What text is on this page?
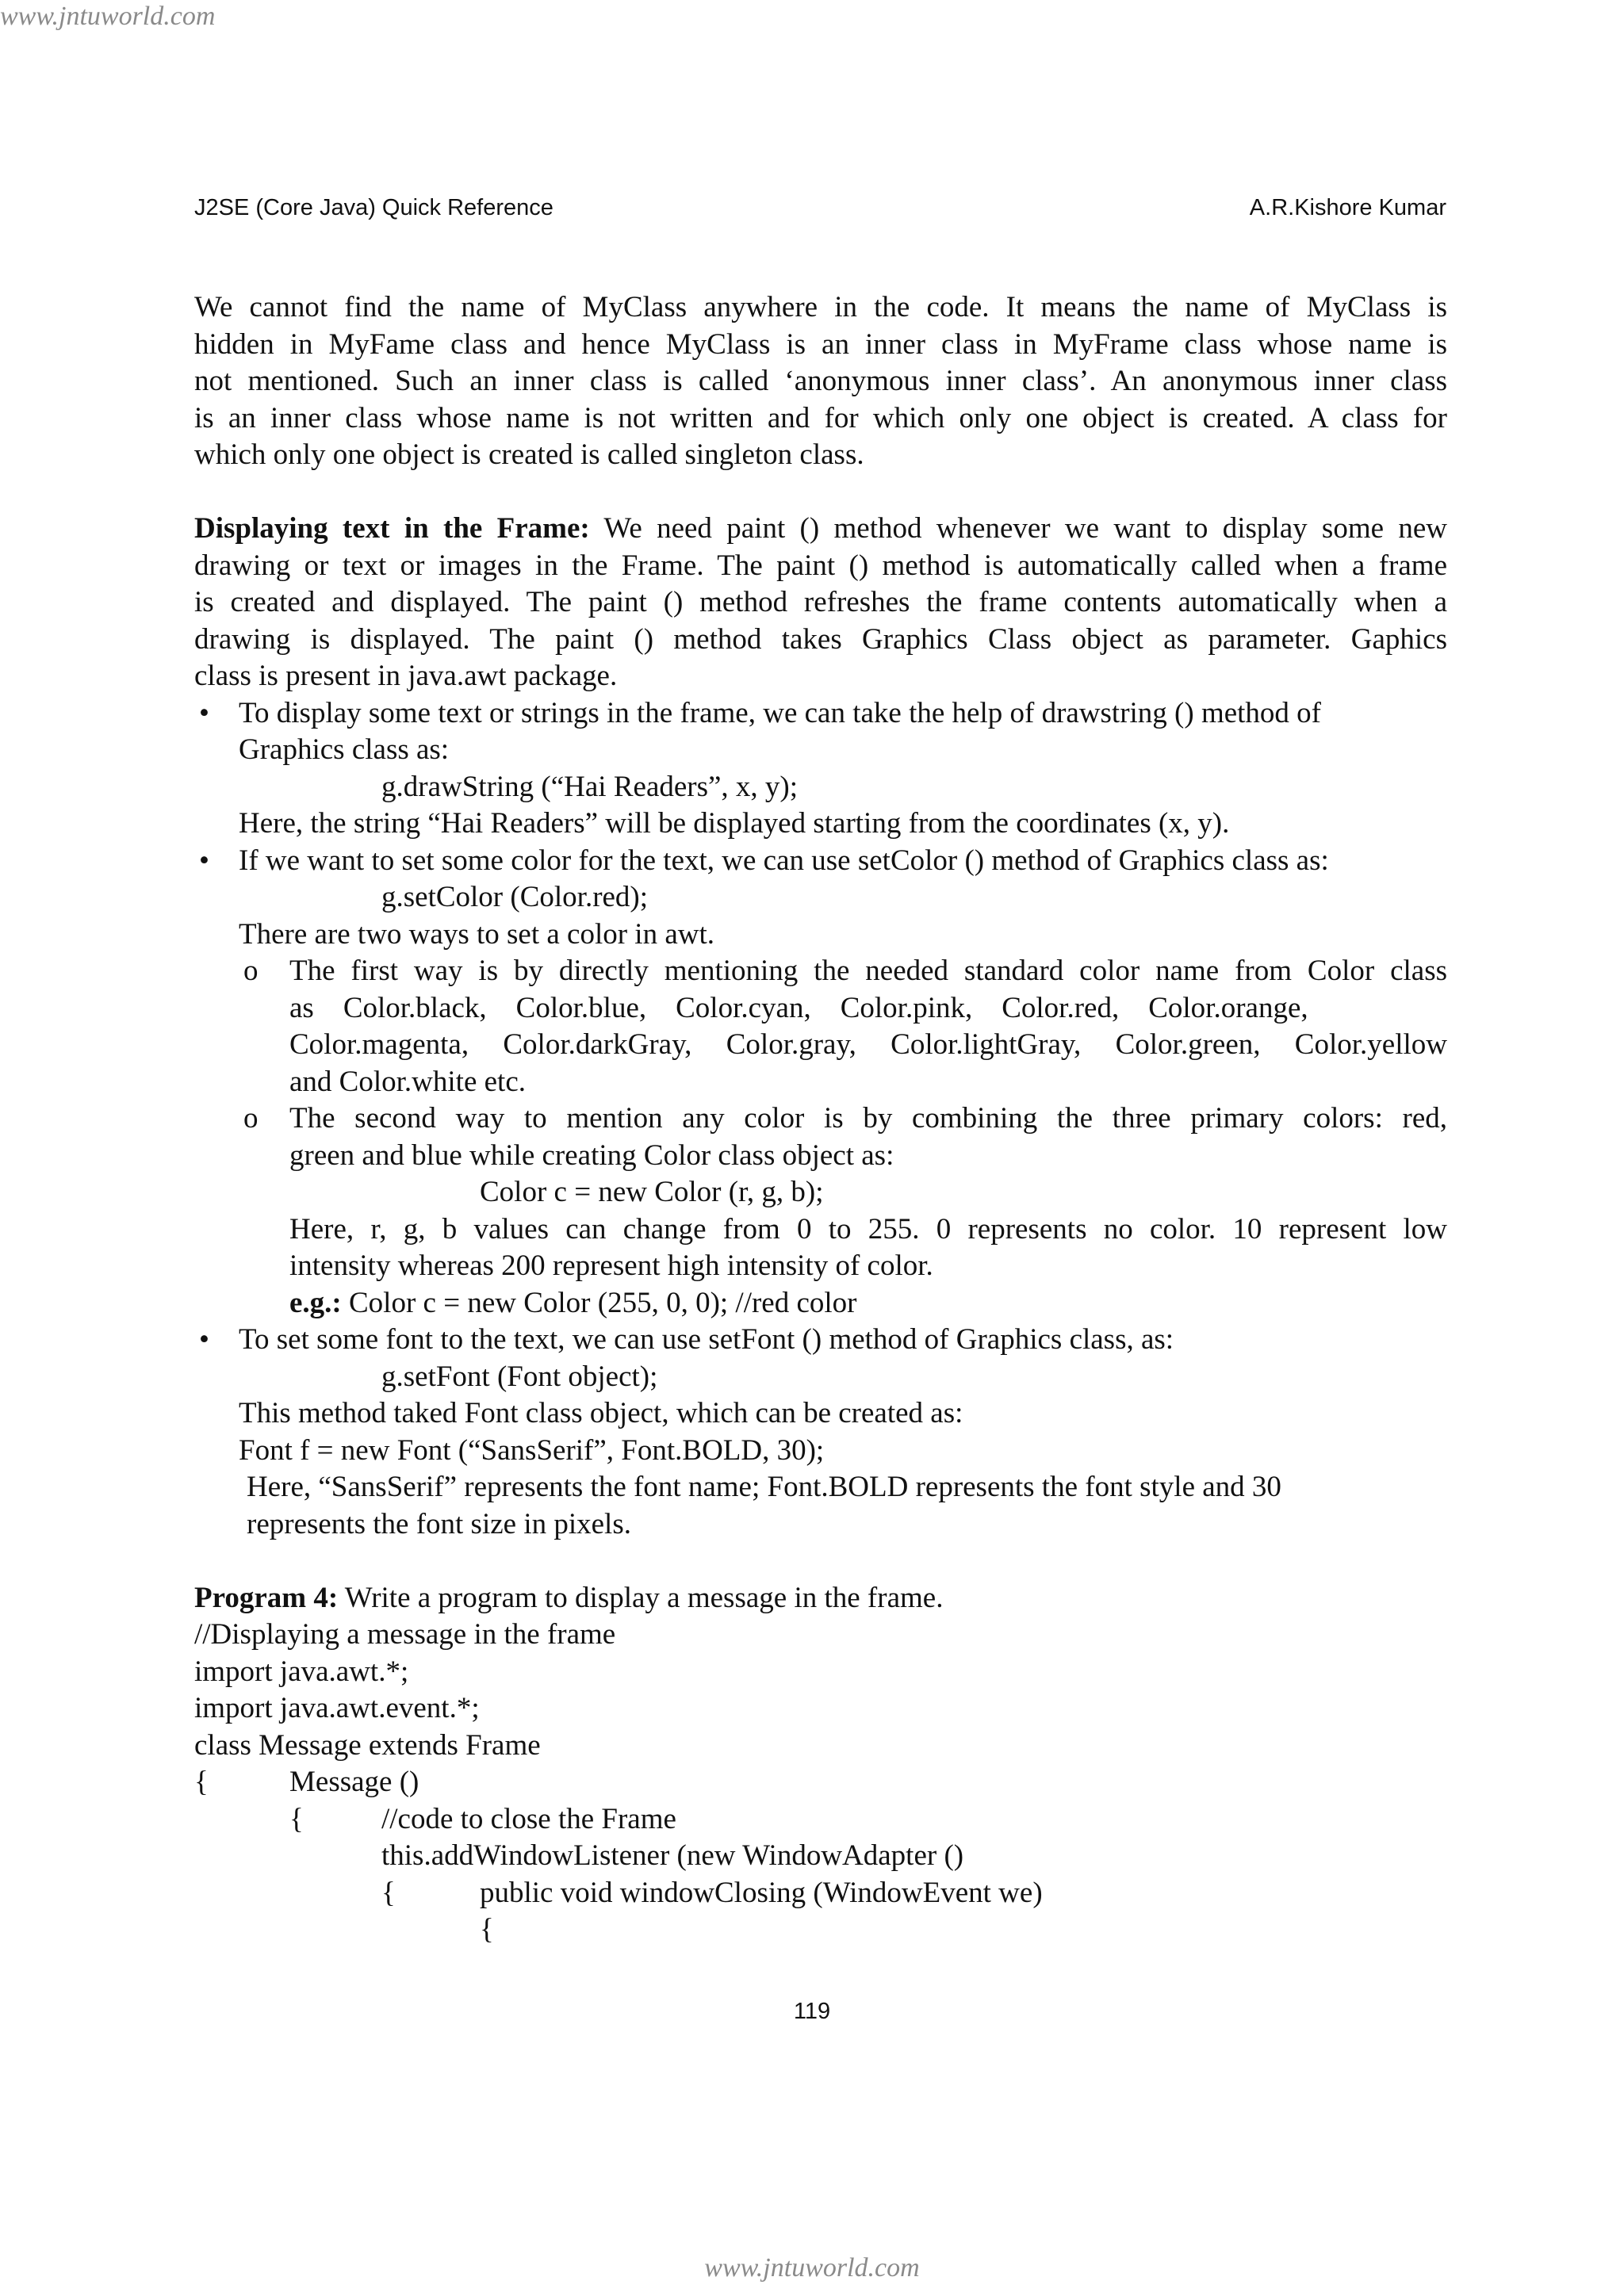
www.jntuworld.com
J2SE (Core Java) Quick Reference	A.R.Kishore Kumar
We cannot find the name of MyClass anywhere in the code. It means the name of MyClass is
hidden in MyFame class and hence MyClass is an inner class in MyFrame class whose name is
not mentioned. Such an inner class is called ‘anonymous inner class’. An anonymous inner class
is an inner class whose name is not written and for which only one object is created. A class for
which only one object is created is called singleton class.
Displaying text in the Frame: We need paint () method whenever we want to display some new
drawing or text or images in the Frame. The paint () method is automatically called when a frame
is created and displayed. The paint () method refreshes the frame contents automatically when a
drawing is displayed. The paint () method takes Graphics Class object as parameter. Gaphics
class is present in java.awt package.
• To display some text or strings in the frame, we can take the help of drawstring () method of
Graphics class as:
g.drawString (“Hai Readers”, x, y);
Here, the string “Hai Readers” will be displayed starting from the coordinates (x, y).
• If we want to set some color for the text, we can use setColor () method of Graphics class as:
g.setColor (Color.red);
There are two ways to set a color in awt.
o The first way is by directly mentioning the needed standard color name from Color class
as    Color.black,    Color.blue,    Color.cyan,    Color.pink,    Color.red,    Color.orange,
Color.magenta, Color.darkGray, Color.gray, Color.lightGray, Color.green, Color.yellow
and Color.white etc.
o The second way to mention any color is by combining the three primary colors: red,
green and blue while creating Color class object as:
Color c = new Color (r, g, b);
Here, r, g, b values can change from 0 to 255. 0 represents no color. 10 represent low
intensity whereas 200 represent high intensity of color.
e.g.: Color c = new Color (255, 0, 0); //red color
• To set some font to the text, we can use setFont () method of Graphics class, as:
g.setFont (Font object);
This method taked Font class object, which can be created as:
Font f = new Font (“SansSerif”, Font.BOLD, 30);
Here, “SansSerif” represents the font name; Font.BOLD represents the font style and 30
represents the font size in pixels.
Program 4: Write a program to display a message in the frame.
//Displaying a message in the frame
import java.awt.*;
import java.awt.event.*;
class Message extends Frame
{	Message ()
{	//code to close the Frame
this.addWindowListener (new WindowAdapter ()
{	public void windowClosing (WindowEvent we)
{
119
www.jntuworld.com
